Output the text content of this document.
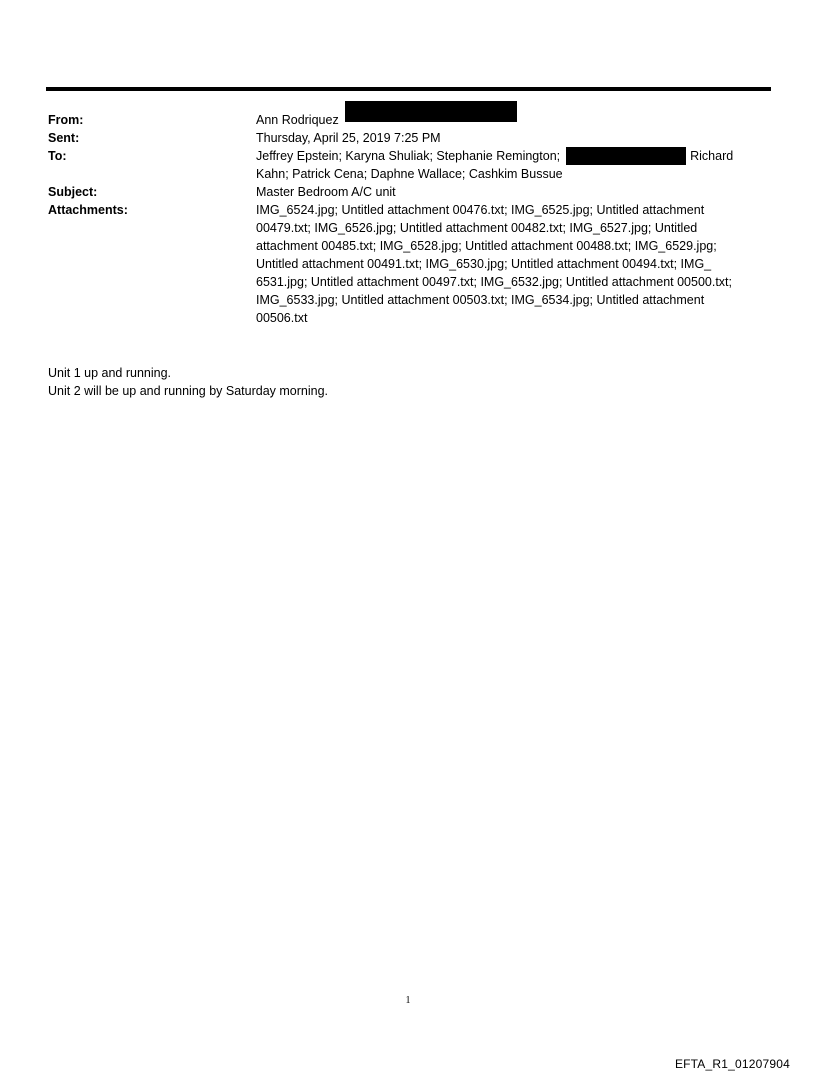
From:	Ann Rodriquez
Sent:	Thursday, April 25, 2019 7:25 PM
To:	Jeffrey Epstein; Karyna Shuliak; Stephanie Remington;	Richard
Kahn; Patrick Cena; Daphne Wallace; Cashkim Bussue
Subject:	Master Bedroom A/C unit
Attachments:	IMG_6524.jpg; Untitled attachment 00476.txt; IMG_6525.jpg; Untitled attachment
00479.txt; IMG_6526.jpg; Untitled attachment 00482.txt; IMG_6527.jpg; Untitled
attachment 00485.txt; IMG_6528.jpg; Untitled attachment 00488.txt; IMG_6529.jpg;
Untitled attachment 00491.txt; IMG_6530.jpg; Untitled attachment 00494.txt; IMG_
6531.jpg; Untitled attachment 00497.txt; IMG_6532.jpg; Untitled attachment 00500.txt;
IMG_6533.jpg; Untitled attachment 00503.txt; IMG_6534.jpg; Untitled attachment
00506.txt
Unit 1 up and running.
Unit 2 will be up and running by Saturday morning.
1
EFTA_R1_01207904
